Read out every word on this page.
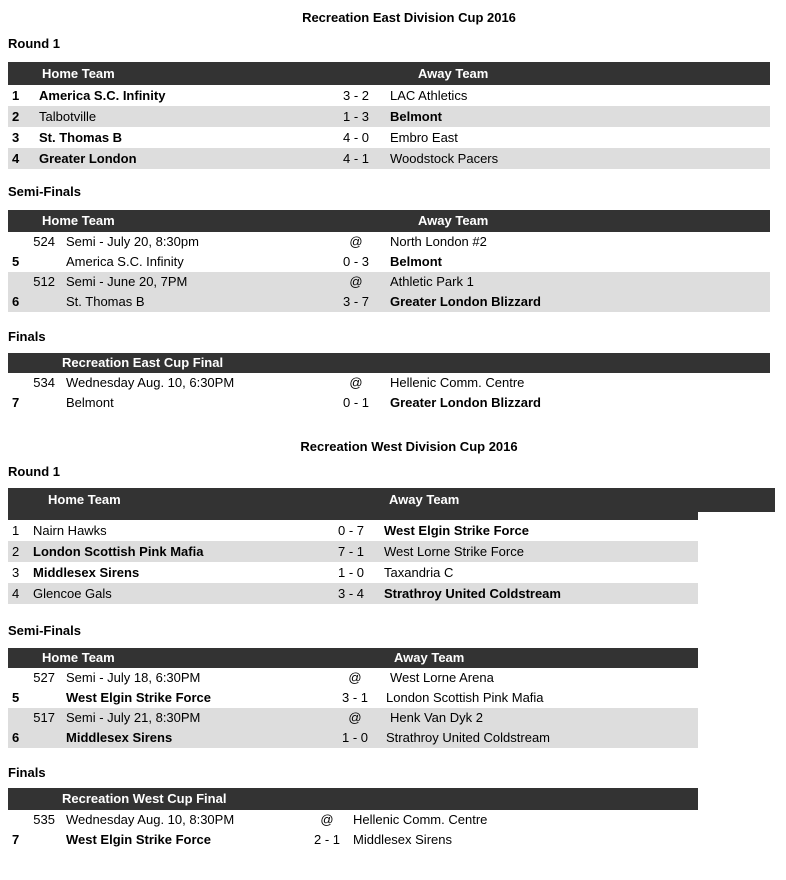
Recreation East Division Cup 2016
Round 1
Home Team	Away Team
1 America S.C. Infinity	3 - 2	LAC Athletics
2 Talbotville	1 - 3	Belmont
3 St. Thomas B	4 - 0	Embro East
4 Greater London	4 - 1	Woodstock Pacers
Semi-Finals
Home Team	Away Team
524 Semi - July 20, 8:30pm	@	North London #2
5	America S.C. Infinity	0 - 3	Belmont
512 Semi - June 20, 7PM	@	Athletic Park 1
6	St. Thomas B	3 - 7	Greater London Blizzard
Finals
Recreation East Cup Final
534 Wednesday Aug. 10, 6:30PM	@	Hellenic Comm. Centre
7	Belmont	0 - 1	Greater London Blizzard
Recreation West Division Cup 2016
Round 1
Home Team	Away Team
1 Nairn Hawks	0 - 7	West Elgin Strike Force
2 London Scottish Pink Mafia	7 - 1	West Lorne Strike Force
3 Middlesex Sirens	1 - 0	Taxandria C
4 Glencoe Gals	3 - 4	Strathroy United Coldstream
Semi-Finals
Home Team	Away Team
527 Semi - July 18, 6:30PM	@	West Lorne Arena
5	West Elgin Strike Force	3 - 1	London Scottish Pink Mafia
517 Semi - July 21, 8:30PM	@	Henk Van Dyk 2
6	Middlesex Sirens	1 - 0	Strathroy United Coldstream
Finals
Recreation West Cup Final
535 Wednesday Aug. 10, 8:30PM	@	Hellenic Comm. Centre
7	West Elgin Strike Force	2 - 1	Middlesex Sirens
